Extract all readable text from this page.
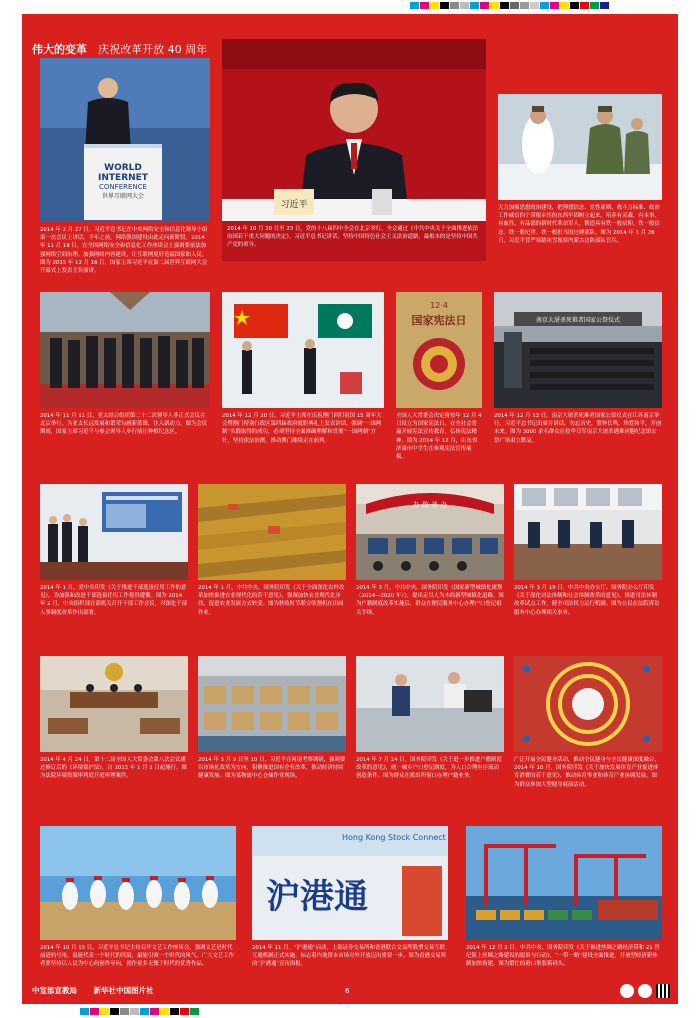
伟大的变革 庆祝改革开放 40 周年
WORLD
INTERNET
CONFERENCE
世界互联网大会
2014 年 2 月 27 日，习近平总书记在中央网络安全和信息化领导小组第一次会议上讲话。半年之前，网络强国建设由此走向新阶段。2014 年 11 月 19 日，在全国网络安全和信息化工作座谈会上强调要依法加强网络空间治理。加强网络内容建设，让互联网更好造福国家和人民。图为 2015 年 12 月 16 日，国家主席习近平在第二届世界互联网大会开幕式上发表主旨演讲。
习近平
2014 年 10 月 20 日至 23 日，党的十八届四中全会在北京举行。全会通过《中共中央关于全面推进依法治国若干重大问题的决定》。习近平总书记讲话，坚持中国特色社会主义法治道路，最根本的是坚持中国共产党的领导。
大力加强思想政治建设，把理想信念、党性原则、战斗力标准、政治工作威信四个带根本性的东西牢固树立起来。培养有灵魂、有本事、有血性、有品德的新时代革命军人。锻造具有铁一般信仰、铁一般信念、铁一般纪律、铁一般担当的过硬部队。图为 2014 年 1 月 26 日，习近平冒严寒踏冰雪视察内蒙古边防部队官兵。
2014 年 11 月 11 日，亚太经合组织第二十二次领导人非正式会议在北京举行。为亚太长远发展和繁荣勾画新蓝图，注入新动力。图为会议期间，国家主席习近平与参会领导人步行前往种植纪念区。
2014 年 12 月 20 日，习近平主席在庆祝澳门回归祖国 15 周年大会暨澳门特别行政区第四届政府就职典礼上发表讲话，强调“一国两制”实践取得的成功，必须坚持全面准确理解和贯彻“一国两制”方针，坚持依法治澳，推动澳门继续走在前列。
12·4
国家宪法日
全国人大常委会决定将每年 12 月 4 日设立为国家宪法日，在全社会普遍开展宪法宣传教育，弘扬宪法精神。图为 2014 年 12 月，山东省济南市中学生在参观宪法宣传展板。
南京大屠杀死难者国家公祭仪式
2014 年 12 月 13 日，南京大屠杀死难者国家公祭仪式在江苏南京举行，习近平总书记出席并讲话，勿忘历史，警钟长鸣，珍爱和平，开创未来。图为 3000 余名群众在侵华日军南京大屠杀遇难同胞纪念馆公祭广场肃立默哀。
2014 年 1 月，党中央印发《关于推进干部选拔任用工作的意见》，为加强和改进干部选拔任用工作提供遵循。图为 2014 年 2 月，中央组织部在部机关召开干部工作会议，对深化干部人事制度改革作出部署。
2014 年 1 月，中共中央、国务院印发《关于全面深化农村改革加快推进农业现代化的若干意见》，强调加快农业现代化步伐，促进农业发展方式转变。图为秋收时节联合收割机在田间作业。
办 政 务 办
2014 年 3 月，中共中央、国务院印发《国家新型城镇化规划（2014—2020 年）》，提出走以人为本的新型城镇化道路。图为户籍制度改革实施后，群众在便民服务中心办理户口登记相关手续。
2014 年 3 月 19 日，中共中央办公厅、国务院办公厅印发《关于深化司法体制和社会体制改革的意见》，推进司法体制改革试点工作，健全司法权力运行机制。图为公民在法院诉讼服务中心办理相关事务。
2014 年 4 月 24 日，第十二届全国人大常委会第八次会议通过修订后的《环境保护法》，自 2015 年 1 月 1 日起施行。图为法院环境资源审判庭开庭审理案件。
2014 年 5 月 9 日至 10 日，习近平在河南考察调研，强调要以市场化改革为方向，积极推进国有企业改革，推动经济持续健康发展。图为某物流中心仓储作业现场。
2014 年 7 月 24 日，国务院印发《关于进一步推进户籍制度改革的意见》，统一城乡户口登记制度，为人口合理有序流动创造条件。图为群众在派出所窗口办理户籍业务。
广泛开展全民健身活动，推动全民健身与全民健康深度融合。2014 年 10 月，国务院印发《关于加快发展体育产业促进体育消费的若干意见》，推动体育事业和体育产业协调发展。图为群众参加大型健身展演活动。
2014 年 10 月 15 日，习近平总书记主持召开文艺工作座谈会，强调文艺是时代前进的号角，最能代表一个时代的风貌，最能引领一个时代的风气。广大文艺工作者要坚持以人民为中心的创作导向，创作更多无愧于时代的优秀作品。
Hong Kong Stock Connect
沪港通
2014 年 11 月，“沪港通”启动，上海证券交易所和香港联合交易所股票交易互联互通机制正式实施，标志着内地资本市场对外开放迈出重要一步。图为香港交易所的“沪港通”宣传海报。
2014 年 12 月 2 日，中共中央、国务院印发《关于推进丝绸之路经济带和 21 世纪海上丝绸之路建设的愿景与行动》，“一带一路”建设全面推进，开放型经济新体制加快构建。图为繁忙的港口集装箱码头。
中宣部宣教局 新华社中国图片社	6
